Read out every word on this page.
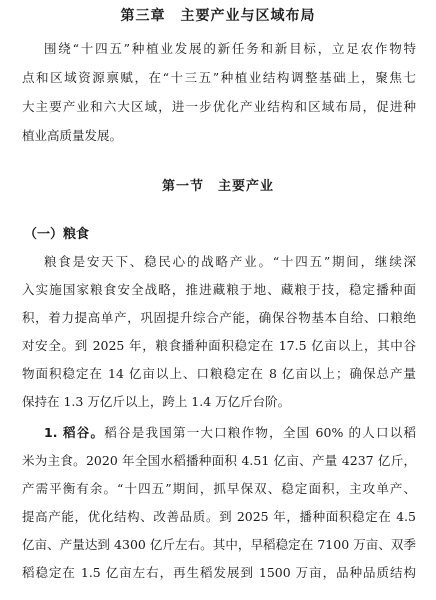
第三章　主要产业与区域布局
围绕“十四五”种植业发展的新任务和新目标，立足农作物特
点和区域资源禀赋，在“十三五”种植业结构调整基础上，聚焦七
大主要产业和六大区域，进一步优化产业结构和区域布局，促进种
植业高质量发展。
第一节　主要产业
（一）粮食
粮食是安天下、稳民心的战略产业。“十四五”期间，继续深
入实施国家粮食安全战略，推进藏粮于地、藏粮于技，稳定播种面
积，着力提高单产，巩固提升综合产能，确保谷物基本自给、口粮绝
对安全。到 2025 年，粮食播种面积稳定在 17.5 亿亩以上，其中谷
物面积稳定在 14 亿亩以上、口粮稳定在 8 亿亩以上；确保总产量
保持在 1.3 万亿斤以上，跨上 1.4 万亿斤台阶。
1. 稻谷。稻谷是我国第一大口粮作物，全国 60% 的人口以稻
米为主食。2020 年全国水稻播种面积 4.51 亿亩、产量 4237 亿斤，
产需平衡有余。“十四五”期间，抓早保双、稳定面积，主攻单产、
提高产能，优化结构、改善品质。到 2025 年，播种面积稳定在 4.5
亿亩、产量达到 4300 亿斤左右。其中，早稻稳定在 7100 万亩、双季
稻稳定在 1.5 亿亩左右，再生稻发展到 1500 万亩，品种品质结构
